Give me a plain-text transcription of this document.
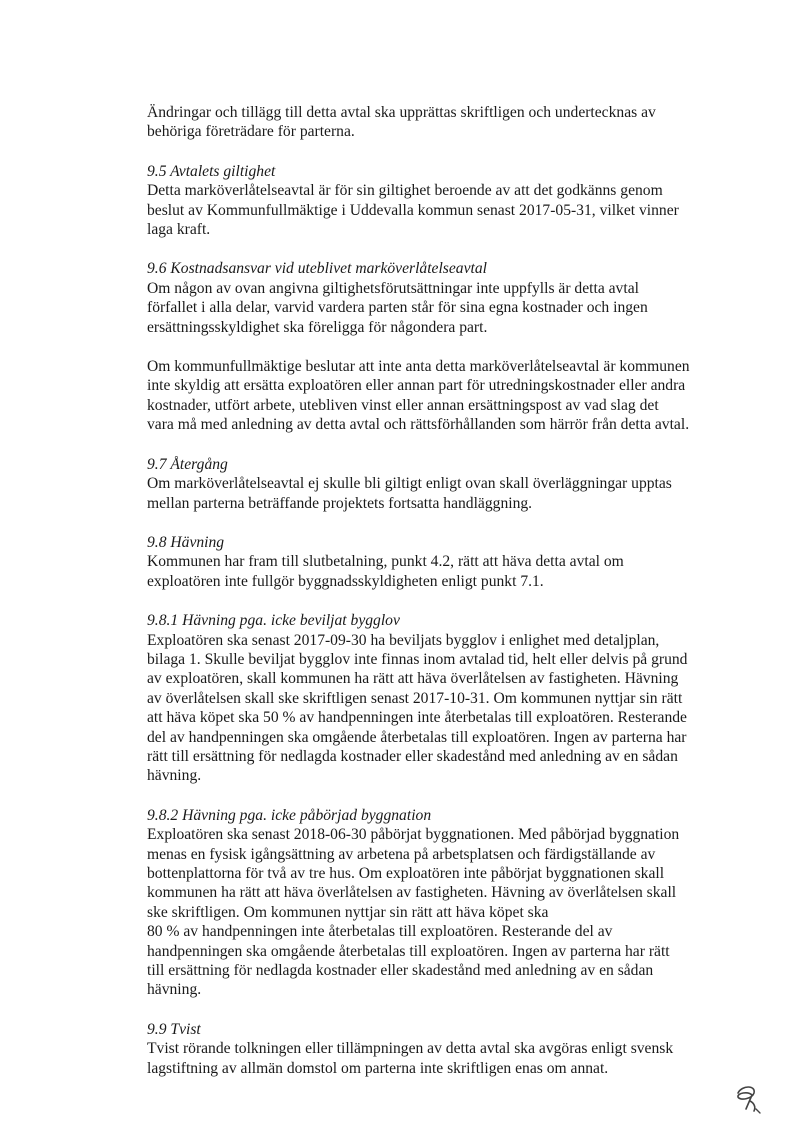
Ändringar och tillägg till detta avtal ska upprättas skriftligen och undertecknas av
behöriga företrädare för parterna.
9.5 Avtalets giltighet
Detta marköverlåtelseavtal är för sin giltighet beroende av att det godkänns genom
beslut av Kommunfullmäktige i Uddevalla kommun senast 2017-05-31, vilket vinner
laga kraft.
9.6 Kostnadsansvar vid uteblivet marköverlåtelseavtal
Om någon av ovan angivna giltighetsförutsättningar inte uppfylls är detta avtal
förfallet i alla delar, varvid vardera parten står för sina egna kostnader och ingen
ersättningsskyldighet ska föreligga för någondera part.
Om kommunfullmäktige beslutar att inte anta detta marköverlåtelseavtal är kommunen
inte skyldig att ersätta exploatören eller annan part för utredningskostnader eller andra
kostnader, utfört arbete, utebliven vinst eller annan ersättningspost av vad slag det
vara må med anledning av detta avtal och rättsförhållanden som härrör från detta avtal.
9.7 Återgång
Om marköverlåtelseavtal ej skulle bli giltigt enligt ovan skall överläggningar upptas
mellan parterna beträffande projektets fortsatta handläggning.
9.8 Hävning
Kommunen har fram till slutbetalning, punkt 4.2, rätt att häva detta avtal om
exploatören inte fullgör byggnadsskyldigheten enligt punkt 7.1.
9.8.1 Hävning pga. icke beviljat bygglov
Exploatören ska senast 2017-09-30 ha beviljats bygglov i enlighet med detaljplan,
bilaga 1. Skulle beviljat bygglov inte finnas inom avtalad tid, helt eller delvis på grund
av exploatören, skall kommunen ha rätt att häva överlåtelsen av fastigheten. Hävning
av överlåtelsen skall ske skriftligen senast 2017-10-31. Om kommunen nyttjar sin rätt
att häva köpet ska 50 % av handpenningen inte återbetalas till exploatören. Resterande
del av handpenningen ska omgående återbetalas till exploatören. Ingen av parterna har
rätt till ersättning för nedlagda kostnader eller skadestånd med anledning av en sådan
hävning.
9.8.2 Hävning pga. icke påbörjad byggnation
Exploatören ska senast 2018-06-30 påbörjat byggnationen. Med påbörjad byggnation
menas en fysisk igångsättning av arbetena på arbetsplatsen och färdigställande av
bottenplattorna för två av tre hus. Om exploatören inte påbörjat byggnationen skall
kommunen ha rätt att häva överlåtelsen av fastigheten. Hävning av överlåtelsen skall
ske skriftligen. Om kommunen nyttjar sin rätt att häva köpet ska
80 % av handpenningen inte återbetalas till exploatören. Resterande del av
handpenningen ska omgående återbetalas till exploatören. Ingen av parterna har rätt
till ersättning för nedlagda kostnader eller skadestånd med anledning av en sådan
hävning.
9.9 Tvist
Tvist rörande tolkningen eller tillämpningen av detta avtal ska avgöras enligt svensk
lagstiftning av allmän domstol om parterna inte skriftligen enas om annat.
